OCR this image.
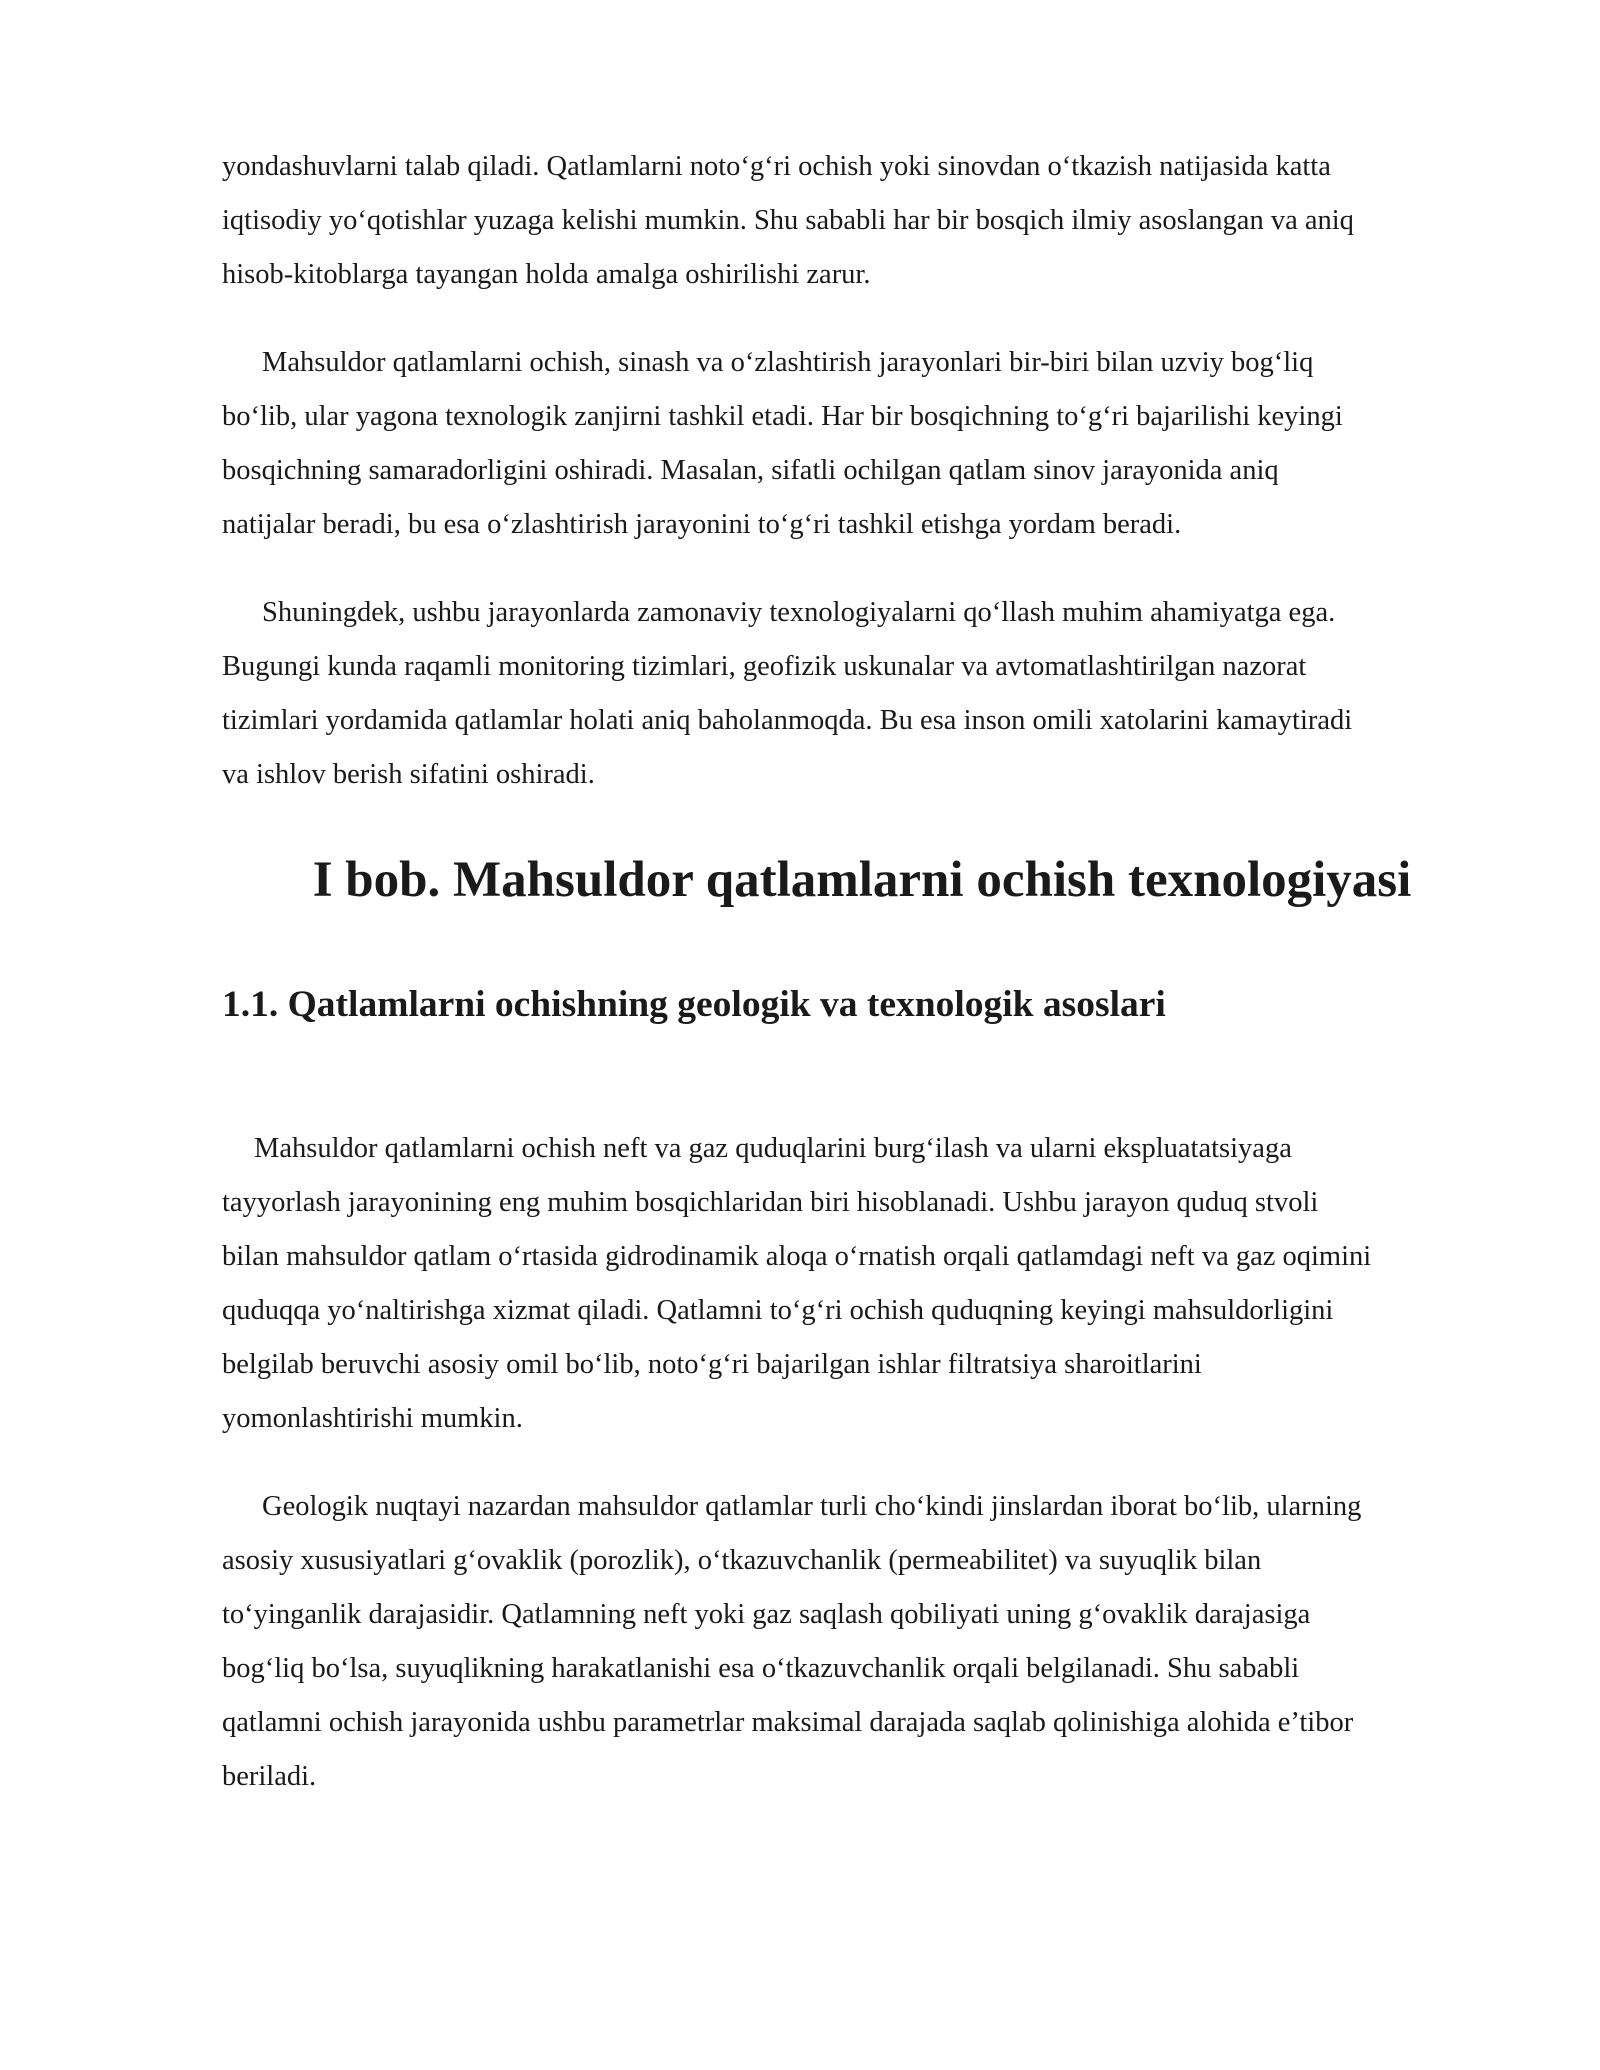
yondashuvlarni talab qiladi. Qatlamlarni noto‘g‘ri ochish yoki sinovdan o‘tkazish natijasida katta
iqtisodiy yo‘qotishlar yuzaga kelishi mumkin. Shu sababli har bir bosqich ilmiy asoslangan va aniq
hisob-kitoblarga tayangan holda amalga oshirilishi zarur.

Mahsuldor qatlamlarni ochish, sinash va o‘zlashtirish jarayonlari bir-biri bilan uzviy bog‘liq
bo‘lib, ular yagona texnologik zanjirni tashkil etadi. Har bir bosqichning to‘g‘ri bajarilishi keyingi
bosqichning samaradorligini oshiradi. Masalan, sifatli ochilgan qatlam sinov jarayonida aniq
natijalar beradi, bu esa o‘zlashtirish jarayonini to‘g‘ri tashkil etishga yordam beradi.

Shuningdek, ushbu jarayonlarda zamonaviy texnologiyalarni qo‘llash muhim ahamiyatga ega.
Bugungi kunda raqamli monitoring tizimlari, geofizik uskunalar va avtomatlashtirilgan nazorat
tizimlari yordamida qatlamlar holati aniq baholanmoqda. Bu esa inson omili xatolarini kamaytiradi
va ishlov berish sifatini oshiradi.

I bob. Mahsuldor qatlamlarni ochish texnologiyasi
1.1. Qatlamlarni ochishning geologik va texnologik asoslari

Mahsuldor qatlamlarni ochish neft va gaz quduqlarini burg‘ilash va ularni ekspluatatsiyaga
tayyorlash jarayonining eng muhim bosqichlaridan biri hisoblanadi. Ushbu jarayon quduq stvoli
bilan mahsuldor qatlam o‘rtasida gidrodinamik aloqa o‘rnatish orqali qatlamdagi neft va gaz oqimini
quduqqa yo‘naltirishga xizmat qiladi. Qatlamni to‘g‘ri ochish quduqning keyingi mahsuldorligini
belgilab beruvchi asosiy omil bo‘lib, noto‘g‘ri bajarilgan ishlar filtratsiya sharoitlarini
yomonlashtirishi mumkin.

Geologik nuqtayi nazardan mahsuldor qatlamlar turli cho‘kindi jinslardan iborat bo‘lib, ularning
asosiy xususiyatlari g‘ovaklik (porozlik), o‘tkazuvchanlik (permeabilitet) va suyuqlik bilan
to‘yinganlik darajasidir. Qatlamning neft yoki gaz saqlash qobiliyati uning g‘ovaklik darajasiga
bog‘liq bo‘lsa, suyuqlikning harakatlanishi esa o‘tkazuvchanlik orqali belgilanadi. Shu sababli
qatlamni ochish jarayonida ushbu parametrlar maksimal darajada saqlab qolinishiga alohida e’tibor
beriladi.
